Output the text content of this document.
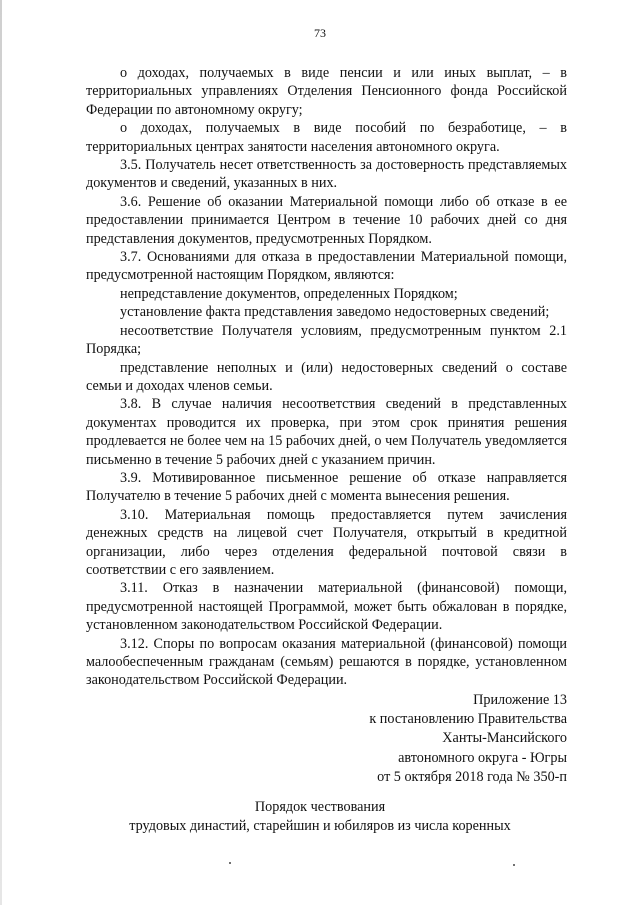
73

о доходах, получаемых в виде пенсии и или иных выплат, – в территориальных управлениях Отделения Пенсионного фонда Российской Федерации по автономному округу;

о доходах, получаемых в виде пособий по безработице, – в территориальных центрах занятости населения автономного округа.

3.5. Получатель несет ответственность за достоверность представляемых документов и сведений, указанных в них.

3.6. Решение об оказании Материальной помощи либо об отказе в ее предоставлении принимается Центром в течение 10 рабочих дней со дня представления документов, предусмотренных Порядком.

3.7. Основаниями для отказа в предоставлении Материальной помощи, предусмотренной настоящим Порядком, являются:

непредставление документов, определенных Порядком;

установление факта представления заведомо недостоверных сведений;

несоответствие Получателя условиям, предусмотренным пунктом 2.1 Порядка;

представление неполных и (или) недостоверных сведений о составе семьи и доходах членов семьи.

3.8. В случае наличия несоответствия сведений в представленных документах проводится их проверка, при этом срок принятия решения продлевается не более чем на 15 рабочих дней, о чем Получатель уведомляется письменно в течение 5 рабочих дней с указанием причин.

3.9. Мотивированное письменное решение об отказе направляется Получателю в течение 5 рабочих дней с момента вынесения решения.

3.10. Материальная помощь предоставляется путем зачисления денежных средств на лицевой счет Получателя, открытый в кредитной организации, либо через отделения федеральной почтовой связи в соответствии с его заявлением.

3.11. Отказ в назначении материальной (финансовой) помощи, предусмотренной настоящей Программой, может быть обжалован в порядке, установленном законодательством Российской Федерации.

3.12. Споры по вопросам оказания материальной (финансовой) помощи малообеспеченным гражданам (семьям) решаются в порядке, установленном законодательством Российской Федерации.

Приложение 13
к постановлению Правительства
Ханты-Мансийского
автономного округа - Югры
от 5 октября 2018 года № 350-п
Порядок чествования
трудовых династий, старейшин и юбиляров из числа коренных
